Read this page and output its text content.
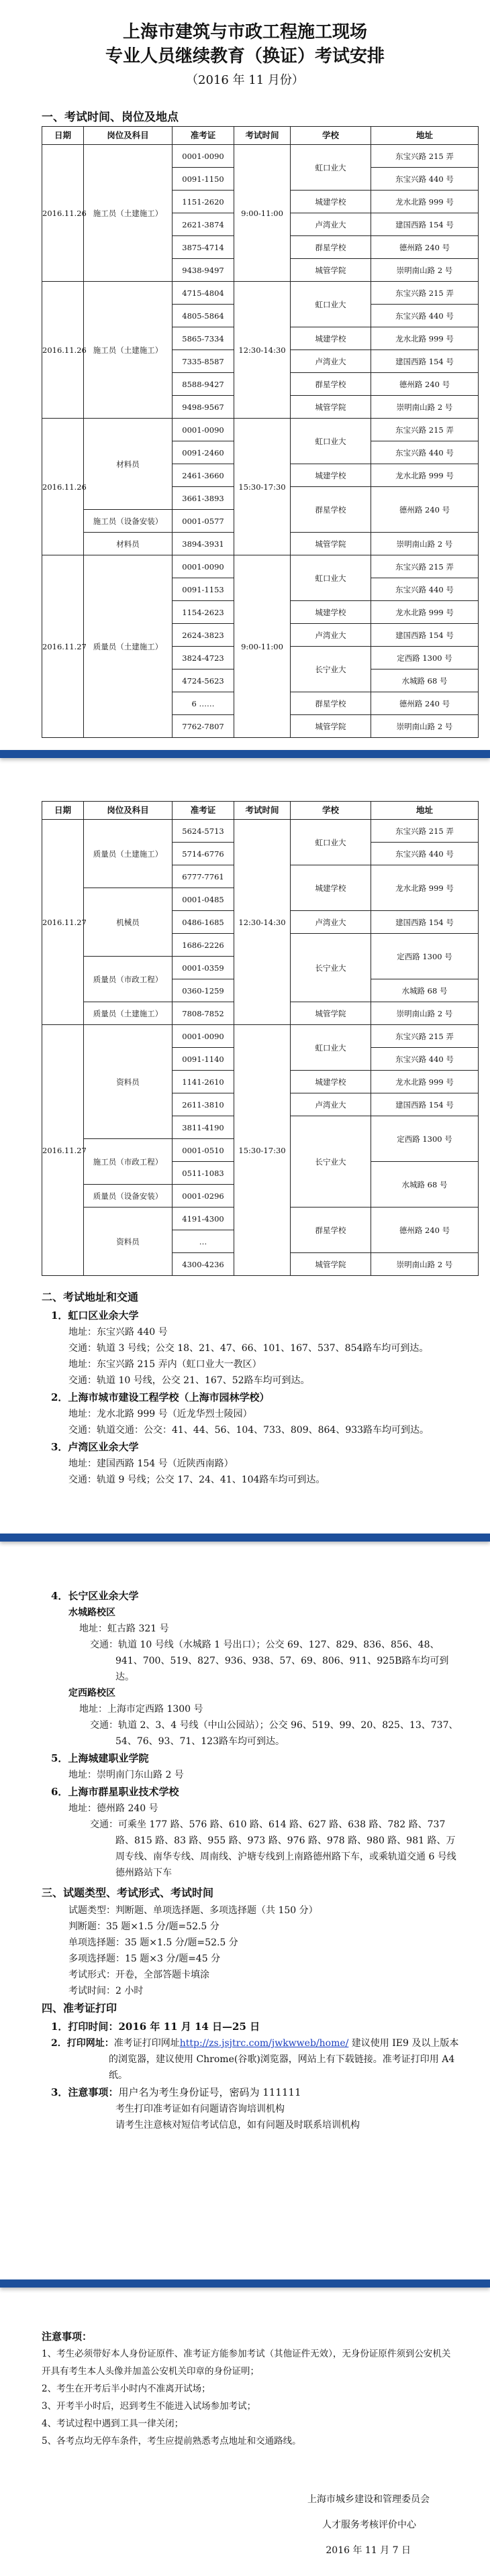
上海市建筑与市政工程施工现场

专业人员继续教育（换证）考试安排

（2016 年 11 月份）

一、考试时间、岗位及地点

日期	岗位及科目	准考证	考试时间	学校	地址
2016.11.26	施工员（土建施工）	0001-0090	9:00-11:00	虹口业大	东宝兴路 215 弄
		0091-1150			东宝兴路 440 号
		1151-2620		城建学校	龙水北路 999 号
		2621-3874		卢湾业大	建国西路 154 号
		3875-4714		群星学校	德州路 240 号
		9438-9497		城管学院	崇明南山路 2 号
2016.11.26	施工员（土建施工）	4715-4804	12:30-14:30	虹口业大	东宝兴路 215 弄
		4805-5864			东宝兴路 440 号
		5865-7334		城建学校	龙水北路 999 号
		7335-8587		卢湾业大	建国西路 154 号
		8588-9427		群星学校	德州路 240 号
		9498-9567		城管学院	崇明南山路 2 号
2016.11.26	材料员	0001-0090	15:30-17:30	虹口业大	东宝兴路 215 弄
		0091-2460			东宝兴路 440 号
		2461-3660		城建学校	龙水北路 999 号
		3661-3893		群星学校	德州路 240 号
	施工员（设备安装）	0001-0577			
	材料员	3894-3931		城管学院	崇明南山路 2 号
2016.11.27	质量员（土建施工）	0001-0090	9:00-11:00	虹口业大	东宝兴路 215 弄
		0091-1153			东宝兴路 440 号
		1154-2623		城建学校	龙水北路 999 号
		2624-3823		卢湾业大	建国西路 154 号
		3824-4723		长宁业大	定西路 1300 号
		4724-5623			水城路 68 号
		6 ……		群星学校	德州路 240 号
		7762-7807		城管学院	崇明南山路 2 号
日期	岗位及科目	准考证	考试时间	学校	地址
2016.11.27	质量员（土建施工）	5624-5713	12:30-14:30	虹口业大	东宝兴路 215 弄
		5714-6776			东宝兴路 440 号
		6777-7761		城建学校	龙水北路 999 号
	机械员	0001-0485			
		0486-1685		卢湾业大	建国西路 154 号
		1686-2226		长宁业大	定西路 1300 号
	质量员（市政工程）	0001-0359			
		0360-1259			水城路 68 号
	质量员（土建施工）	7808-7852		城管学院	崇明南山路 2 号
2016.11.27	资料员	0001-0090	15:30-17:30	虹口业大	东宝兴路 215 弄
		0091-1140			东宝兴路 440 号
		1141-2610		城建学校	龙水北路 999 号
		2611-3810		卢湾业大	建国西路 154 号
		3811-4190		长宁业大	定西路 1300 号
	施工员（市政工程）	0001-0510			
		0511-1083			水城路 68 号
	质量员（设备安装）	0001-0296			
	资料员	4191-4300		群星学校	德州路 240 号
		…			
		4300-4236		城管学院	崇明南山路 2 号

二、考试地址和交通

1．虹口区业余大学

地址：东宝兴路 440 号

交通：轨道 3 号线；公交 18、21、47、66、101、167、537、854路车均可到达。

地址：东宝兴路 215 弄内（虹口业大一教区）

交通：轨道 10 号线，公交 21、167、52路车均可到达。

2．上海市城市建设工程学校（上海市园林学校）

地址：龙水北路 999 号（近龙华烈士陵园）

交通：轨道交通：公交：41、44、56、104、733、809、864、933路车均可到达。

3．卢湾区业余大学

地址：建国西路 154 号（近陕西南路）

交通：轨道 9 号线；公交 17、24、41、104路车均可到达。

4．长宁区业余大学

水城路校区

地址：虹古路 321 号

交通：轨道 10 号线（水城路 1 号出口）；公交 69、127、829、836、856、48、941、700、519、827、936、938、57、69、806、911、925B路车均可到达。

定西路校区

地址：上海市定西路 1300 号

交通：轨道 2、3、4 号线（中山公园站）；公交 96、519、99、20、825、13、737、54、76、93、71、123路车均可到达。

5．上海城建职业学院

地址：崇明南门东山路 2 号

6．上海市群星职业技术学校

地址：德州路 240 号

交通：可乘坐 177 路、576 路、610 路、614 路、627 路、638 路、782 路、737 路、815 路、83 路、955 路、973 路、976 路、978 路、980 路、981 路、万周专线、南华专线、周南线、沪塘专线到上南路德州路下车，或乘轨道交通 6 号线德州路站下车

三、试题类型、考试形式、考试时间

试题类型：判断题、单项选择题、多项选择题（共 150 分）

判断题：35 题×1.5 分/题=52.5 分

单项选择题：35 题×1.5 分/题=52.5 分

多项选择题：15 题×3 分/题=45 分

考试形式：开卷，全部答题卡填涂

考试时间：2 小时

四、准考证打印

1．打印时间：2016 年 11 月 14 日—25 日

2．打印网址：准考证打印网址http://zs.jsjtrc.com/jwkwweb/home/ 建议使用 IE9 及以上版本的浏览器，建议使用 Chrome(谷歌)浏览器，网站上有下载链接。准考证打印用 A4 纸。

3．注意事项：用户名为考生身份证号，密码为 111111

考生打印准考证如有问题请咨询培训机构

请考生注意核对短信考试信息，如有问题及时联系培训机构

注意事项：

1、考生必须带好本人身份证原件、准考证方能参加考试（其他证件无效），无身份证原件须到公安机关开具有考生本人头像并加盖公安机关印章的身份证明；

2、考生在开考后半小时内不准离开试场；

3、开考半小时后，迟到考生不能进入试场参加考试；

4、考试过程中遇到工具一律关闭；

5、各考点均无停车条件，考生应提前熟悉考点地址和交通路线。

上海市城乡建设和管理委员会

人才服务考核评价中心

2016 年 11 月 7 日
